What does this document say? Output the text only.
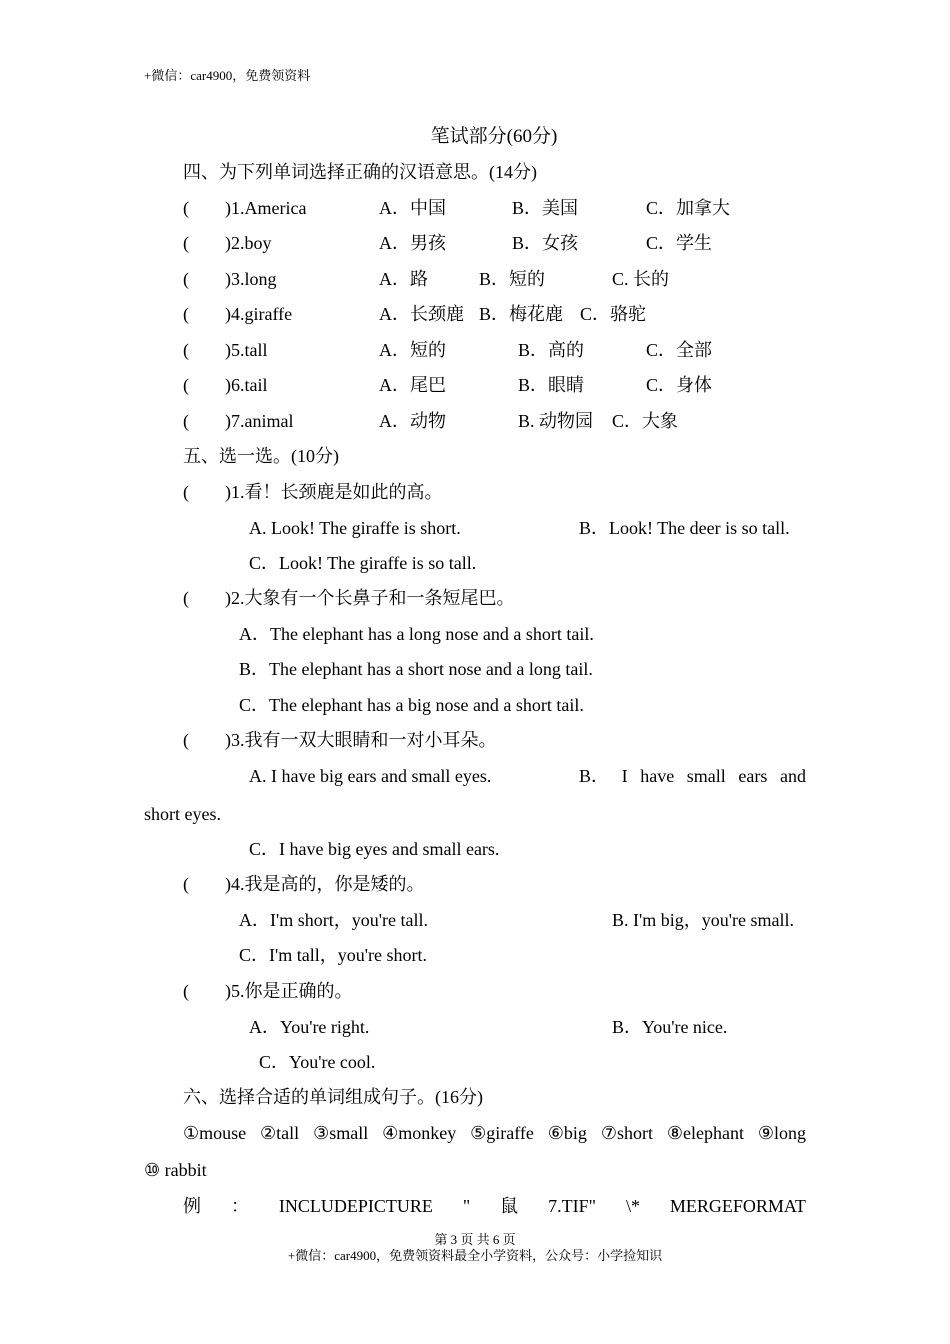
+微信：car4900，免费领资料
笔试部分(60分)
四、为下列单词选择正确的汉语意思。(14分)
( )1.America	A．中国	B．美国	C．加拿大
( )2.boy	A．男孩	B．女孩	C．学生
( )3.long	A．路	B．短的	C. 长的
( )4.giraffe	A．长颈鹿 B．梅花鹿 C．骆驼
( )5.tall	A．短的	B．高的	C．全部
( )6.tail	A．尾巴	B．眼睛	C．身体
( )7.animal	A．动物	B. 动物园 C．大象
五、选一选。(10分)
( )1.看！长颈鹿是如此的高。
A. Look! The giraffe is short.	B．Look! The deer is so tall.
C．Look! The giraffe is so tall.
( )2.大象有一个长鼻子和一条短尾巴。
A．The elephant has a long nose and a short tail.
B．The elephant has a short nose and a long tail.
C．The elephant has a big nose and a short tail.
( )3.我有一双大眼睛和一对小耳朵。
A. I have big ears and small eyes.	B． I have small ears and
short eyes.
C．I have big eyes and small ears.
( )4.我是高的，你是矮的。
A．I'm short，you're tall.	B. I'm big，you're small.
C．I'm tall，you're short.
( )5.你是正确的。
A．You're right.	B．You're nice.
C．You're cool.
六、选择合适的单词组成句子。(16分)
①mouse ②tall ③small ④monkey ⑤giraffe ⑥big ⑦short ⑧elephant ⑨long
⑩ rabbit
例 ： INCLUDEPICTURE " 鼠 7.TIF" \* MERGEFORMAT
第 3 页 共 6 页
+微信：car4900，免费领资料最全小学资料，公众号：小学捡知识
